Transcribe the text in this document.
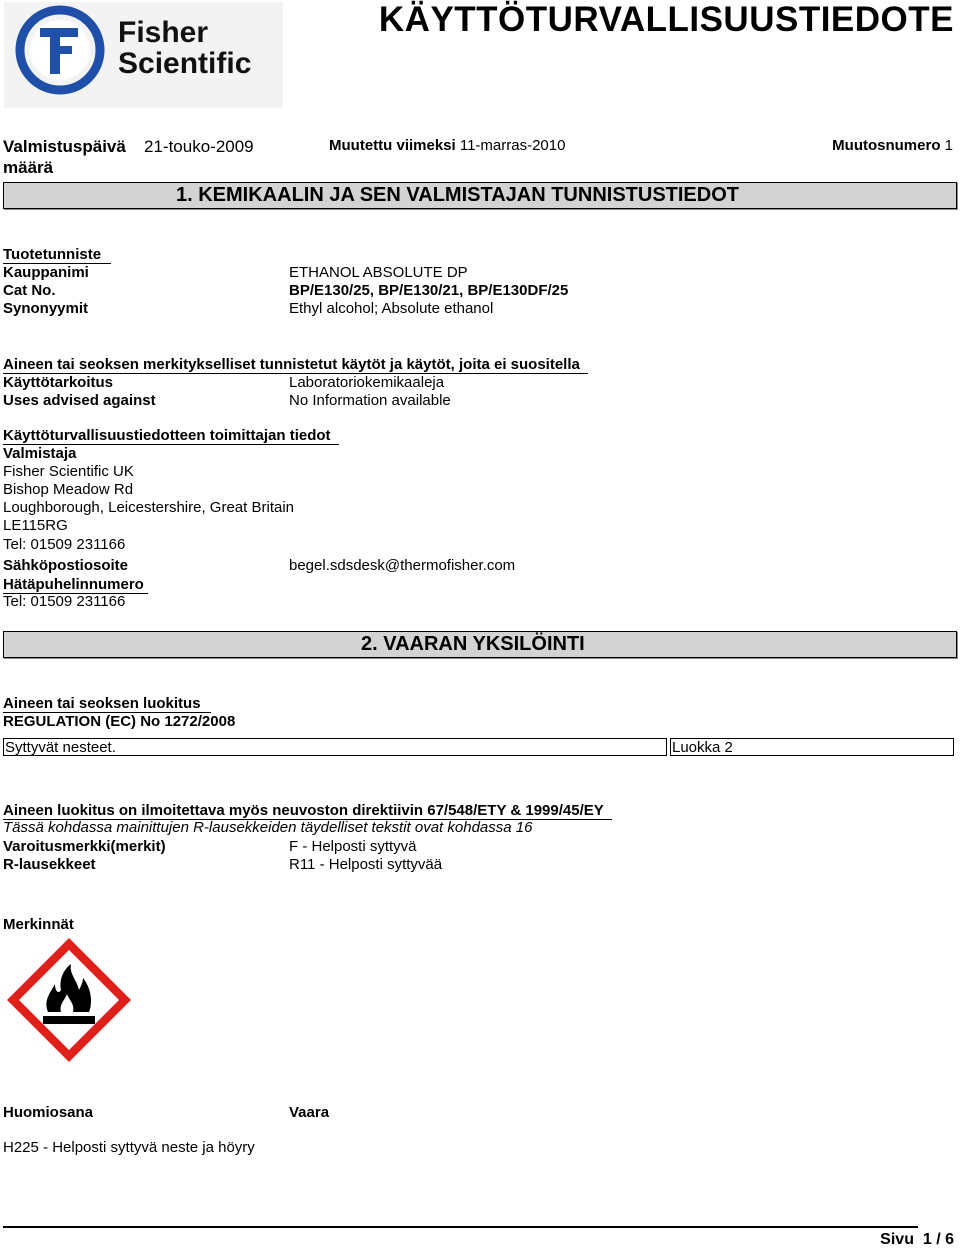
Fisher
Scientific
KÄYTTÖTURVALLISUUSTIEDOTE
Valmistuspäivä
määrä
21-touko-2009	Muutettu viimeksi 11-marras-2010	Muutosnumero 1
1. KEMIKAALIN JA SEN VALMISTAJAN TUNNISTUSTIEDOT
Tuotetunniste
Kauppanimi	ETHANOL ABSOLUTE DP
Cat No.	BP/E130/25, BP/E130/21, BP/E130DF/25
Synonyymit	Ethyl alcohol; Absolute ethanol
Aineen tai seoksen merkitykselliset tunnistetut käytöt ja käytöt, joita ei suositella
Käyttötarkoitus	Laboratoriokemikaaleja
Uses advised against	No Information available
Käyttöturvallisuustiedotteen toimittajan tiedot
Valmistaja
Fisher Scientific UK
Bishop Meadow Rd
Loughborough, Leicestershire, Great Britain
LE115RG
Tel: 01509 231166
Sähköpostiosoite	begel.sdsdesk@thermofisher.com
Hätäpuhelinnumero
Tel: 01509 231166
2. VAARAN YKSILÖINTI
Aineen tai seoksen luokitus
REGULATION (EC) No 1272/2008
Syttyvät nesteet.	Luokka 2
Aineen luokitus on ilmoitettava myös neuvoston direktiivin 67/548/ETY & 1999/45/EY
Tässä kohdassa mainittujen R-lausekkeiden täydelliset tekstit ovat kohdassa 16
Varoitusmerkki(merkit)	F - Helposti syttyvä
R-lausekkeet	R11 - Helposti syttyvää
Merkinnät
Huomiosana	Vaara
H225 - Helposti syttyvä neste ja höyry
Sivu 1 / 6
